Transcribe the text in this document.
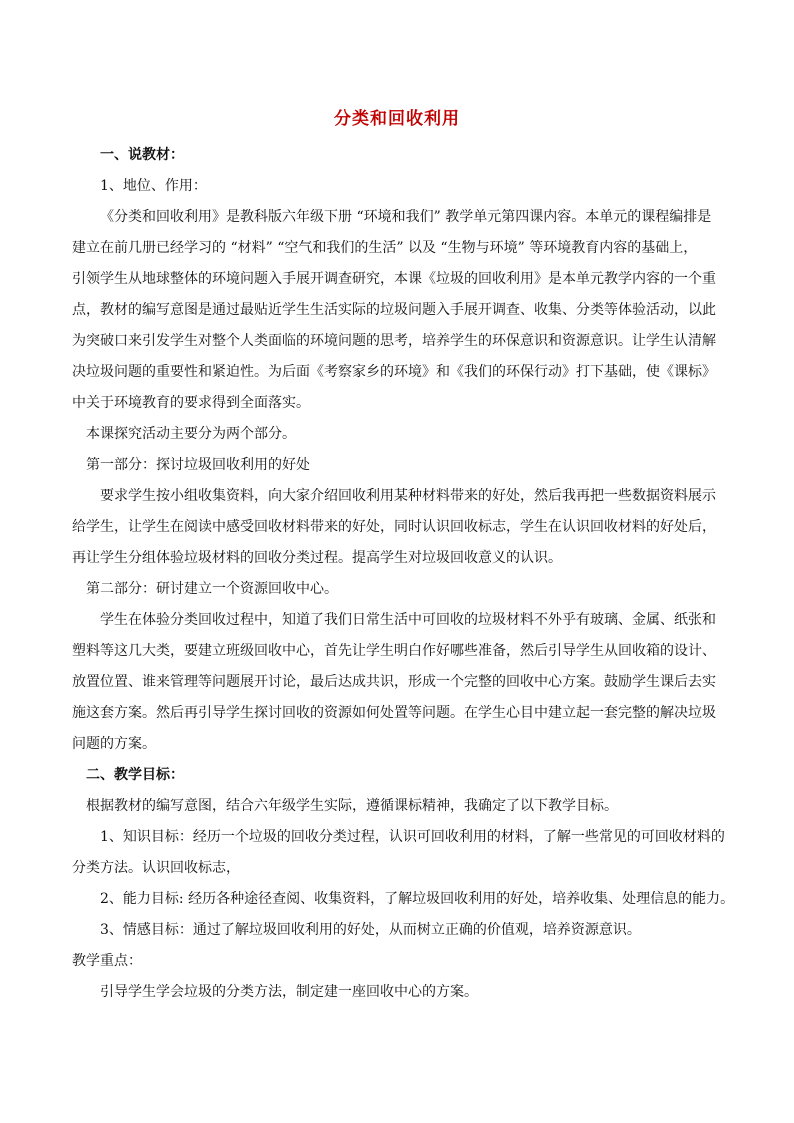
分类和回收利用
一、说教材：
1、地位、作用：
《分类和回收利用》是教科版六年级下册 “环境和我们” 教学单元第四课内容。本单元的课程编排是
建立在前几册已经学习的 “材料” “空气和我们的生活” 以及 “生物与环境” 等环境教育内容的基础上，
引领学生从地球整体的环境问题入手展开调查研究，本课《垃圾的回收利用》是本单元教学内容的一个重
点，教材的编写意图是通过最贴近学生生活实际的垃圾问题入手展开调查、收集、分类等体验活动，以此
为突破口来引发学生对整个人类面临的环境问题的思考，培养学生的环保意识和资源意识。让学生认清解
决垃圾问题的重要性和紧迫性。为后面《考察家乡的环境》和《我们的环保行动》打下基础，使《课标》
中关于环境教育的要求得到全面落实。
本课探究活动主要分为两个部分。
第一部分：探讨垃圾回收利用的好处
要求学生按小组收集资料，向大家介绍回收利用某种材料带来的好处，然后我再把一些数据资料展示
给学生，让学生在阅读中感受回收材料带来的好处，同时认识回收标志，学生在认识回收材料的好处后，
再让学生分组体验垃圾材料的回收分类过程。提高学生对垃圾回收意义的认识。
第二部分：研讨建立一个资源回收中心。
学生在体验分类回收过程中，知道了我们日常生活中可回收的垃圾材料不外乎有玻璃、金属、纸张和
塑料等这几大类，要建立班级回收中心，首先让学生明白作好哪些准备，然后引导学生从回收箱的设计、
放置位置、谁来管理等问题展开讨论，最后达成共识，形成一个完整的回收中心方案。鼓励学生课后去实
施这套方案。然后再引导学生探讨回收的资源如何处置等问题。在学生心目中建立起一套完整的解决垃圾
问题的方案。
二、教学目标：
根据教材的编写意图，结合六年级学生实际，遵循课标精神，我确定了以下教学目标。
1、知识目标：经历一个垃圾的回收分类过程，认识可回收利用的材料，了解一些常见的可回收材料的
分类方法。认识回收标志，
2、能力目标: 经历各种途径查阅、收集资料，了解垃圾回收利用的好处，培养收集、处理信息的能力。
3、情感目标：通过了解垃圾回收利用的好处，从而树立正确的价值观，培养资源意识。
教学重点：
引导学生学会垃圾的分类方法，制定建一座回收中心的方案。
